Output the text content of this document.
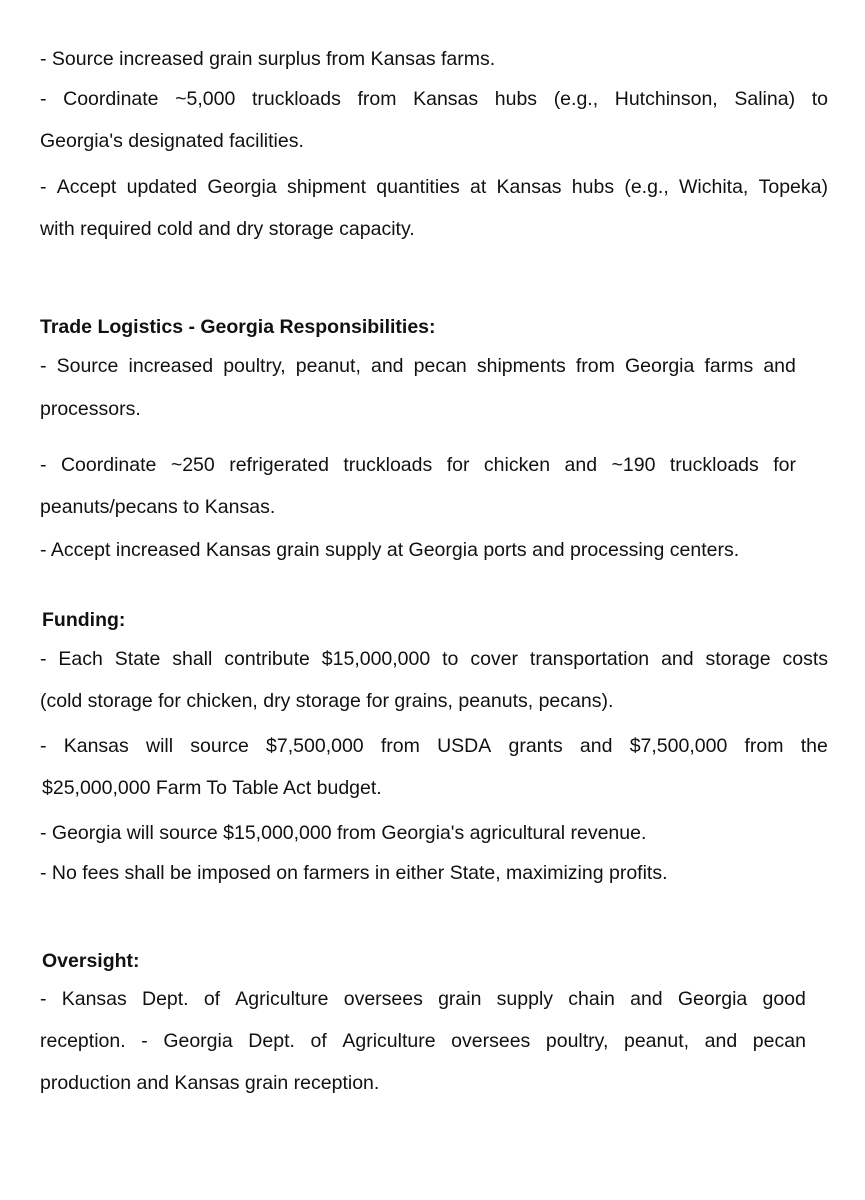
- Source increased grain surplus from Kansas farms.

- Coordinate ~5,000 truckloads from Kansas hubs (e.g., Hutchinson, Salina) to

Georgia's designated facilities.

- Accept updated Georgia shipment quantities at Kansas hubs (e.g., Wichita, Topeka)

with required cold and dry storage capacity.

Trade Logistics - Georgia Responsibilities:

- Source increased poultry, peanut, and pecan shipments from Georgia farms and

processors.

- Coordinate ~250 refrigerated truckloads for chicken and ~190 truckloads for

peanuts/pecans to Kansas.

- Accept increased Kansas grain supply at Georgia ports and processing centers.

Funding:

- Each State shall contribute $15,000,000 to cover transportation and storage costs

(cold storage for chicken, dry storage for grains, peanuts, pecans).

- Kansas will source $7,500,000 from USDA grants and $7,500,000 from the

$25,000,000 Farm To Table Act budget.

- Georgia will source $15,000,000 from Georgia's agricultural revenue.

- No fees shall be imposed on farmers in either State, maximizing profits.

Oversight:

- Kansas Dept. of Agriculture oversees grain supply chain and Georgia good

reception. - Georgia Dept. of Agriculture oversees poultry, peanut, and pecan

production and Kansas grain reception.
